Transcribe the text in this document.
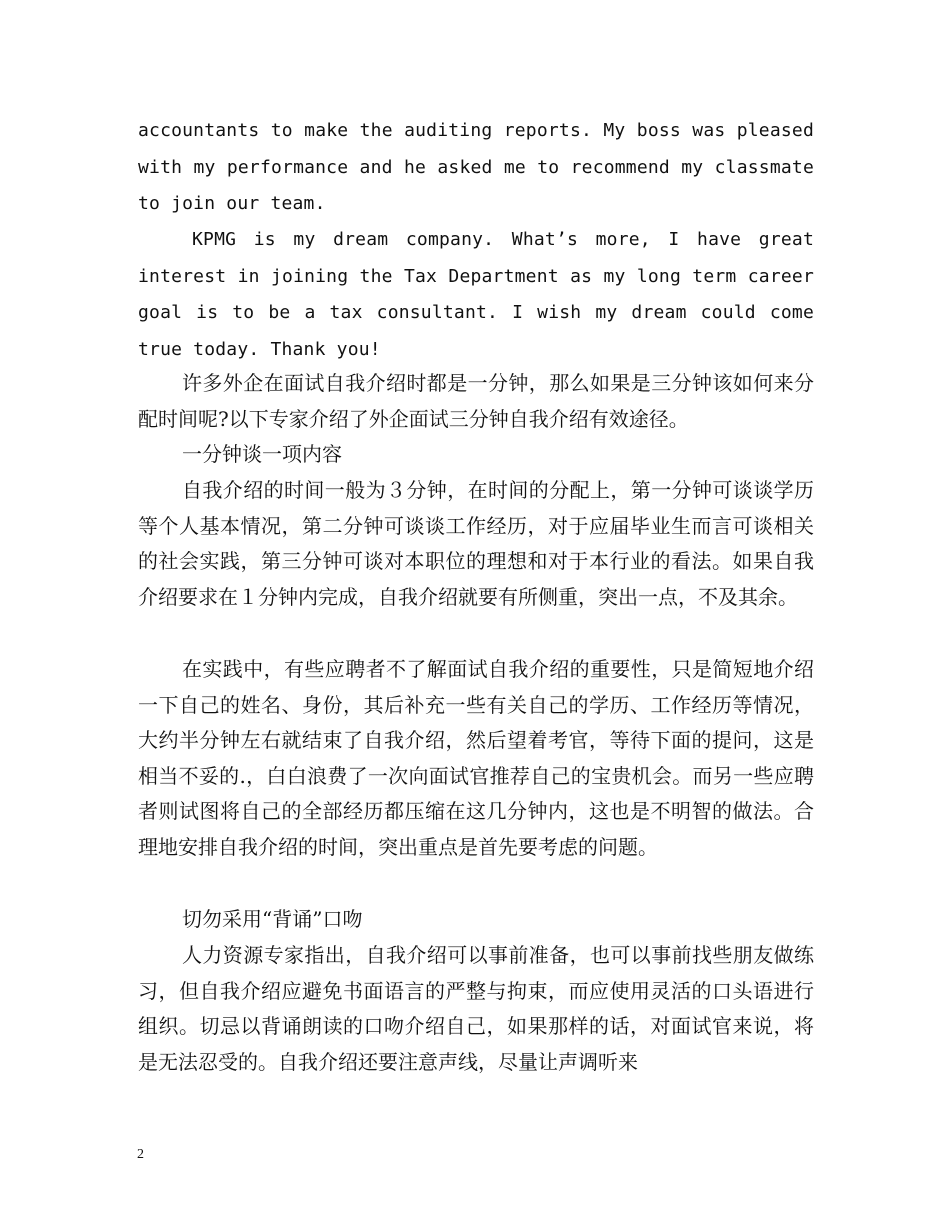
accountants to make the auditing reports. My boss was pleased with my performance and he asked me to recommend my classmate to join our team.

KPMG is my dream company. What’s more, I have great interest in joining the Tax Department as my long term career goal is to be a tax consultant. I wish my dream could come true today. Thank you!

许多外企在面试自我介绍时都是一分钟，那么如果是三分钟该如何来分配时间呢?以下专家介绍了外企面试三分钟自我介绍有效途径。

一分钟谈一项内容

自我介绍的时间一般为３分钟，在时间的分配上，第一分钟可谈谈学历等个人基本情况，第二分钟可谈谈工作经历，对于应届毕业生而言可谈相关的社会实践，第三分钟可谈对本职位的理想和对于本行业的看法。如果自我介绍要求在１分钟内完成，自我介绍就要有所侧重，突出一点，不及其余。

在实践中，有些应聘者不了解面试自我介绍的重要性，只是简短地介绍一下自己的姓名、身份，其后补充一些有关自己的学历、工作经历等情况，大约半分钟左右就结束了自我介绍，然后望着考官，等待下面的提问，这是相当不妥的.，白白浪费了一次向面试官推荐自己的宝贵机会。而另一些应聘者则试图将自己的全部经历都压缩在这几分钟内，这也是不明智的做法。合理地安排自我介绍的时间，突出重点是首先要考虑的问题。

切勿采用“背诵”口吻

人力资源专家指出，自我介绍可以事前准备，也可以事前找些朋友做练习，但自我介绍应避免书面语言的严整与拘束，而应使用灵活的口头语进行组织。切忌以背诵朗读的口吻介绍自己，如果那样的话，对面试官来说，将是无法忍受的。自我介绍还要注意声线，尽量让声调听来

2
